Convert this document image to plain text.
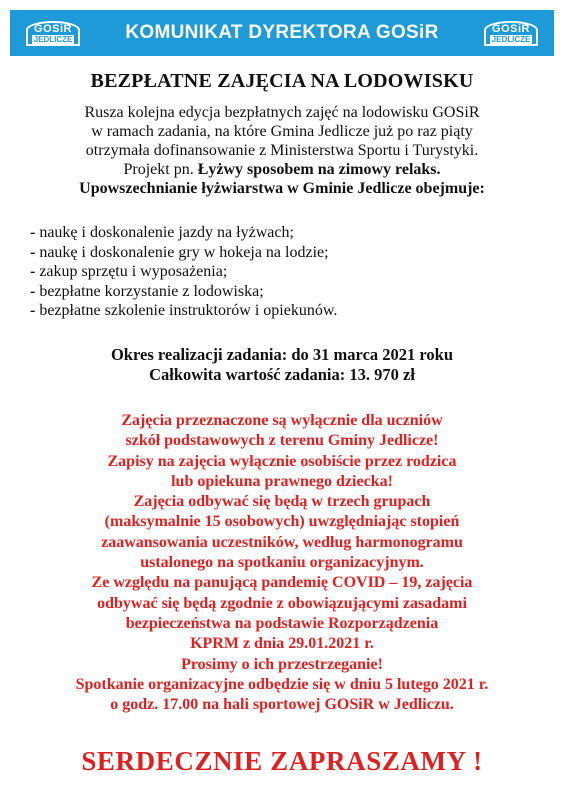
GOSiR
JEDLICZE	KOMUNIKAT DYREKTORA GOSiR	GOSiR
JEDLICZE
BEZPŁATNE ZAJĘCIA NA LODOWISKU
Rusza kolejna edycja bezpłatnych zajęć na lodowisku GOSiR
w ramach zadania, na które Gmina Jedlicze już po raz piąty
otrzymała dofinansowanie z Ministerstwa Sportu i Turystyki.
Projekt pn. Łyżwy sposobem na zimowy relaks.
Upowszechnianie łyżwiarstwa w Gminie Jedlicze obejmuje:
- naukę i doskonalenie jazdy na łyżwach;
- naukę i doskonalenie gry w hokeja na lodzie;
- zakup sprzętu i wyposażenia;
- bezpłatne korzystanie z lodowiska;
- bezpłatne szkolenie instruktorów i opiekunów.
Okres realizacji zadania: do 31 marca 2021 roku
Całkowita wartość zadania: 13. 970 zł
Zajęcia przeznaczone są wyłącznie dla uczniów
szkół podstawowych z terenu Gminy Jedlicze!
Zapisy na zajęcia wyłącznie osobiście przez rodzica
lub opiekuna prawnego dziecka!
Zajęcia odbywać się będą w trzech grupach
(maksymalnie 15 osobowych) uwzględniając stopień
zaawansowania uczestników, według harmonogramu
ustalonego na spotkaniu organizacyjnym.
Ze względu na panującą pandemię COVID – 19, zajęcia
odbywać się będą zgodnie z obowiązującymi zasadami
bezpieczeństwa na podstawie Rozporządzenia
KPRM z dnia 29.01.2021 r.
Prosimy o ich przestrzeganie!
Spotkanie organizacyjne odbędzie się w dniu 5 lutego 2021 r.
o godz. 17.00 na hali sportowej GOSiR w Jedliczu.
SERDECZNIE ZAPRASZAMY !
